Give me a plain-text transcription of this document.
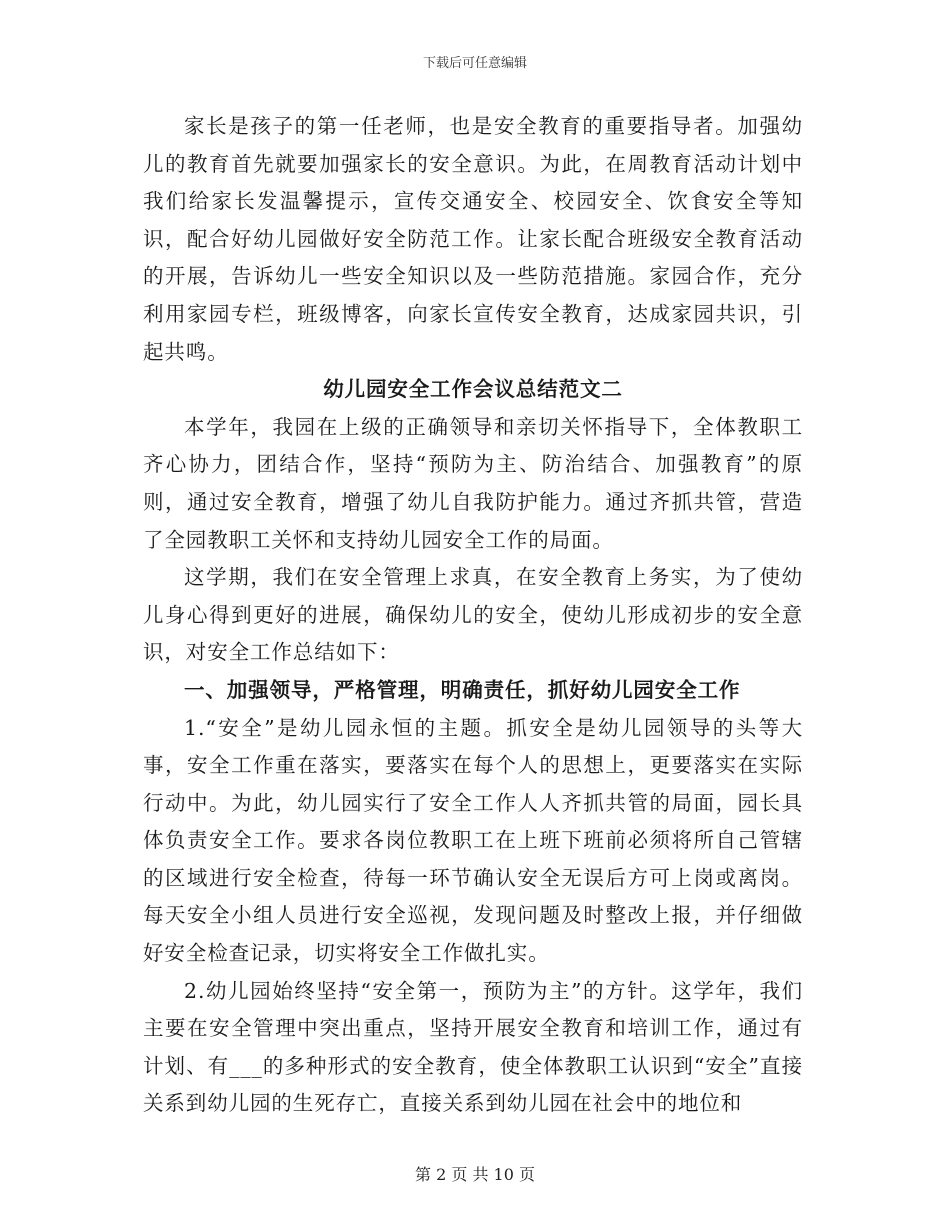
下载后可任意编辑

家长是孩子的第一任老师，也是安全教育的重要指导者。加强幼儿的教育首先就要加强家长的安全意识。为此，在周教育活动计划中我们给家长发温馨提示，宣传交通安全、校园安全、饮食安全等知识，配合好幼儿园做好安全防范工作。让家长配合班级安全教育活动的开展，告诉幼儿一些安全知识以及一些防范措施。家园合作，充分利用家园专栏，班级博客，向家长宣传安全教育，达成家园共识，引起共鸣。

幼儿园安全工作会议总结范文二

本学年，我园在上级的正确领导和亲切关怀指导下，全体教职工齐心协力，团结合作，坚持“预防为主、防治结合、加强教育”的原则，通过安全教育，增强了幼儿自我防护能力。通过齐抓共管，营造了全园教职工关怀和支持幼儿园安全工作的局面。

这学期，我们在安全管理上求真，在安全教育上务实，为了使幼儿身心得到更好的进展，确保幼儿的安全，使幼儿形成初步的安全意识，对安全工作总结如下：

一、加强领导，严格管理，明确责任，抓好幼儿园安全工作

1.“安全”是幼儿园永恒的主题。抓安全是幼儿园领导的头等大事，安全工作重在落实，要落实在每个人的思想上，更要落实在实际行动中。为此，幼儿园实行了安全工作人人齐抓共管的局面，园长具体负责安全工作。要求各岗位教职工在上班下班前必须将所自己管辖的区域进行安全检查，待每一环节确认安全无误后方可上岗或离岗。每天安全小组人员进行安全巡视，发现问题及时整改上报，并仔细做好安全检查记录，切实将安全工作做扎实。

2.幼儿园始终坚持“安全第一，预防为主”的方针。这学年，我们主要在安全管理中突出重点，坚持开展安全教育和培训工作，通过有计划、有___的多种形式的安全教育，使全体教职工认识到“安全”直接关系到幼儿园的生死存亡，直接关系到幼儿园在社会中的地位和

第 2 页 共 10 页
